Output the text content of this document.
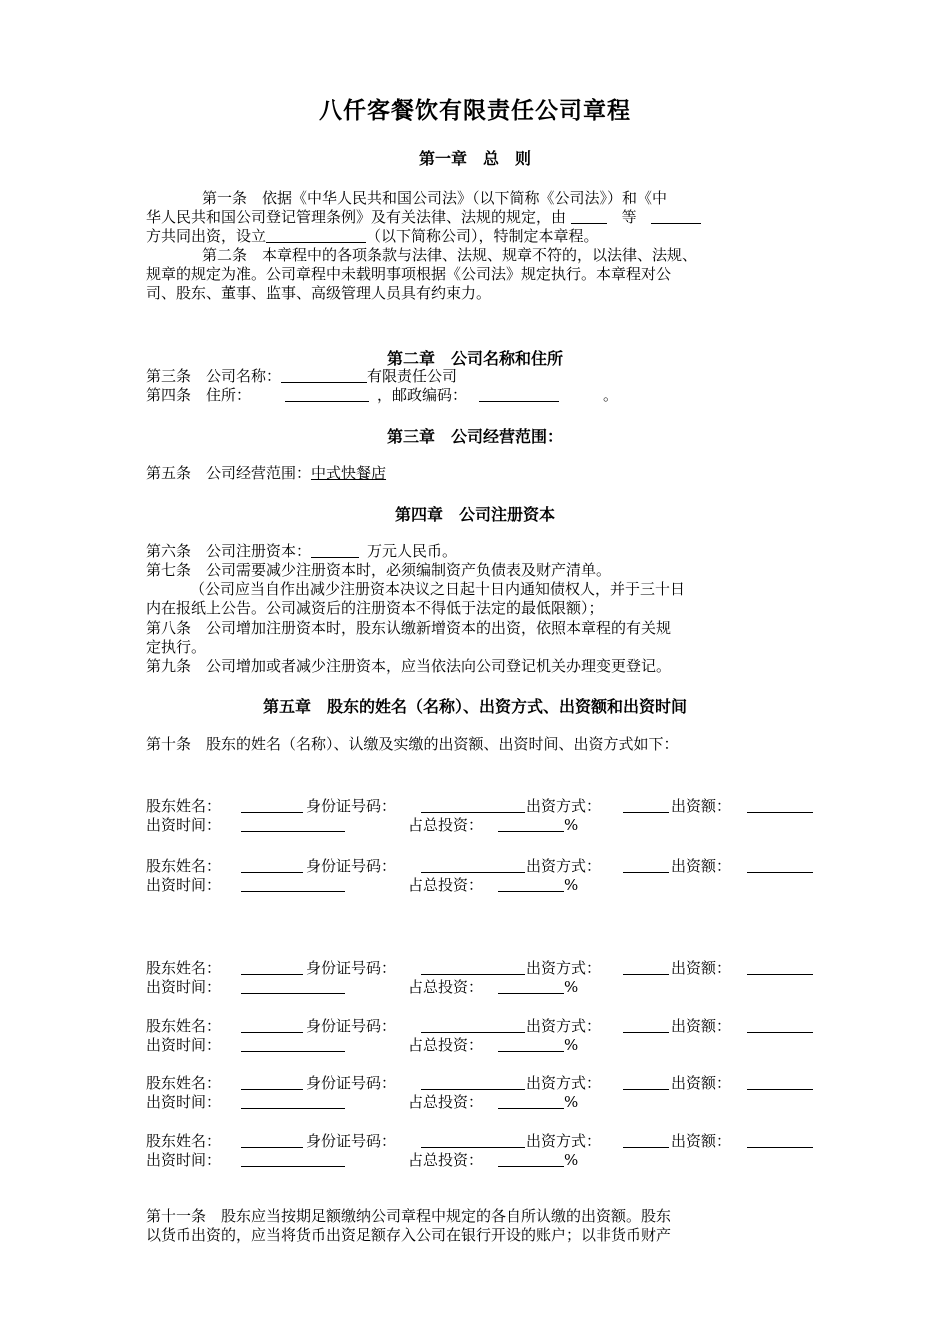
八仟客餐饮有限责任公司章程
第一章　总　则
第一条　依据《中华人民共和国公司法》（以下简称《公司法》）和《中
华人民共和国公司登记管理条例》及有关法律、法规的规定，由	等
方共同出资，设立	（以下简称公司），特制定本章程。
第二条　本章程中的各项条款与法律、法规、规章不符的，以法律、法规、
规章的规定为准。公司章程中未载明事项根据《公司法》规定执行。本章程对公
司、股东、董事、监事、高级管理人员具有约束力。
第二章　公司名称和住所
第三条　公司名称：	有限责任公司
第四条　住所：	，邮政编码：	。
第三章　公司经营范围：
第五条　公司经营范围：中式快餐店
第四章　公司注册资本
第六条　公司注册资本：	万元人民币。
第七条　公司需要减少注册资本时，必须编制资产负债表及财产清单。
（公司应当自作出减少注册资本决议之日起十日内通知债权人，并于三十日
内在报纸上公告。公司减资后的注册资本不得低于法定的最低限额）；
第八条　公司增加注册资本时，股东认缴新增资本的出资，依照本章程的有关规
定执行。
第九条　公司增加或者减少注册资本，应当依法向公司登记机关办理变更登记。
第五章　股东的姓名（名称）、出资方式、出资额和出资时间
第十条　股东的姓名（名称）、认缴及实缴的出资额、出资时间、出资方式如下：
股东姓名：	身份证号码：	出资方式：	出资额：
出资时间：	占总投资：	%
股东姓名：	身份证号码：	出资方式：	出资额：
出资时间：	占总投资：	%
股东姓名：	身份证号码：	出资方式：	出资额：
出资时间：	占总投资：	%
股东姓名：	身份证号码：	出资方式：	出资额：
出资时间：	占总投资：	%
股东姓名：	身份证号码：	出资方式：	出资额：
出资时间：	占总投资：	%
股东姓名：	身份证号码：	出资方式：	出资额：
出资时间：	占总投资：	%
第十一条　股东应当按期足额缴纳公司章程中规定的各自所认缴的出资额。股东
以货币出资的，应当将货币出资足额存入公司在银行开设的账户；以非货币财产
